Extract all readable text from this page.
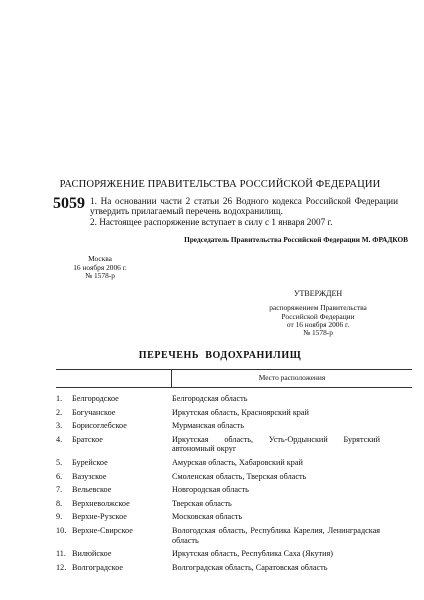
РАСПОРЯЖЕНИЕ ПРАВИТЕЛЬСТВА РОССИЙСКОЙ ФЕДЕРАЦИИ
5059 1. На основании части 2 статьи 26 Водного кодекса Российской Федерации утвердить прилагаемый перечень водохранилищ.
2. Настоящее распоряжение вступает в силу с 1 января 2007 г.
Председатель Правительства Российской Федерации М. ФРАДКОВ
Москва
16 ноября 2006 г.
№ 1578-р
УТВЕРЖДЕН
распоряжением Правительства
Российской Федерации
от 16 ноября 2006 г.
№ 1578-р
ПЕРЕЧЕНЬ ВОДОХРАНИЛИЩ
Место расположения
1.	Белгородское	Белгородская область
2.	Богучанское	Иркутская область, Красноярский край
3.	Борисоглебское	Мурманская область
4.	Братское	Иркутская область, Усть-Ордынский Бурятский автономный округ
5.	Бурейское	Амурская область, Хабаровский край
6.	Вазузское	Смоленская область, Тверская область
7.	Вельевское	Новгородская область
8.	Верхневолжское	Тверская область
9.	Верхне-Рузское	Московская область
10. Верхне-Свирское	Вологодская область, Республика Карелия, Ленинградская область
11. Вилюйское	Иркутская область, Республика Саха (Якутия)
12. Волгоградское	Волгоградская область, Саратовская область
